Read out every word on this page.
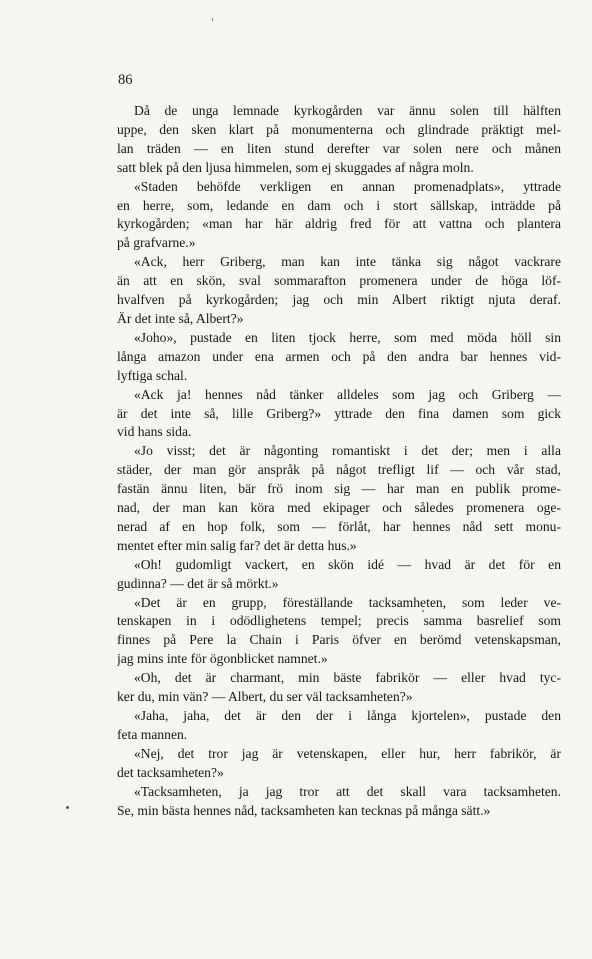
86

Då de unga lemnade kyrkogården var ännu solen till hälften
uppe, den sken klart på monumenterna och glindrade präktigt mel-
lan träden — en liten stund derefter var solen nere och månen
satt blek på den ljusa himmelen, som ej skuggades af några moln.
«Staden behöfde verkligen en annan promenadplats», yttrade
en herre, som, ledande en dam och i stort sällskap, inträdde på
kyrkogården; «man har här aldrig fred för att vattna och plantera
på grafvarne.»
«Ack, herr Griberg, man kan inte tänka sig något vackrare
än att en skön, sval sommarafton promenera under de höga löf-
hvalfven på kyrkogården; jag och min Albert riktigt njuta deraf.
Är det inte så, Albert?»
«Joho», pustade en liten tjock herre, som med möda höll sin
långa amazon under ena armen och på den andra bar hennes vid-
lyftiga schal.
«Ack ja! hennes nåd tänker alldeles som jag och Griberg —
är det inte så, lille Griberg?» yttrade den fina damen som gick
vid hans sida.
«Jo visst; det är någonting romantiskt i det der; men i alla
städer, der man gör anspråk på något trefligt lif — och vår stad,
fastän ännu liten, bär frö inom sig — har man en publik prome-
nad, der man kan köra med ekipager och således promenera oge-
nerad af en hop folk, som — förlåt, har hennes nåd sett monu-
mentet efter min salig far? det är detta hus.»
«Oh! gudomligt vackert, en skön idé — hvad är det för en
gudinna? — det är så mörkt.»
«Det är en grupp, föreställande tacksamheten, som leder ve-
tenskapen in i odödlighetens tempel; precis samma basrelief som
finnes på Pere la Chain i Paris öfver en berömd vetenskapsman,
jag mins inte för ögonblicket namnet.»
«Oh, det är charmant, min bäste fabrikör — eller hvad tyc-
ker du, min vän? — Albert, du ser väl tacksamheten?»
«Jaha, jaha, det är den der i långa kjortelen», pustade den
feta mannen.
«Nej, det tror jag är vetenskapen, eller hur, herr fabrikör, är
det tacksamheten?»
«Tacksamheten, ja jag tror att det skall vara tacksamheten.
Se, min bästa hennes nåd, tacksamheten kan tecknas på många sätt.»
